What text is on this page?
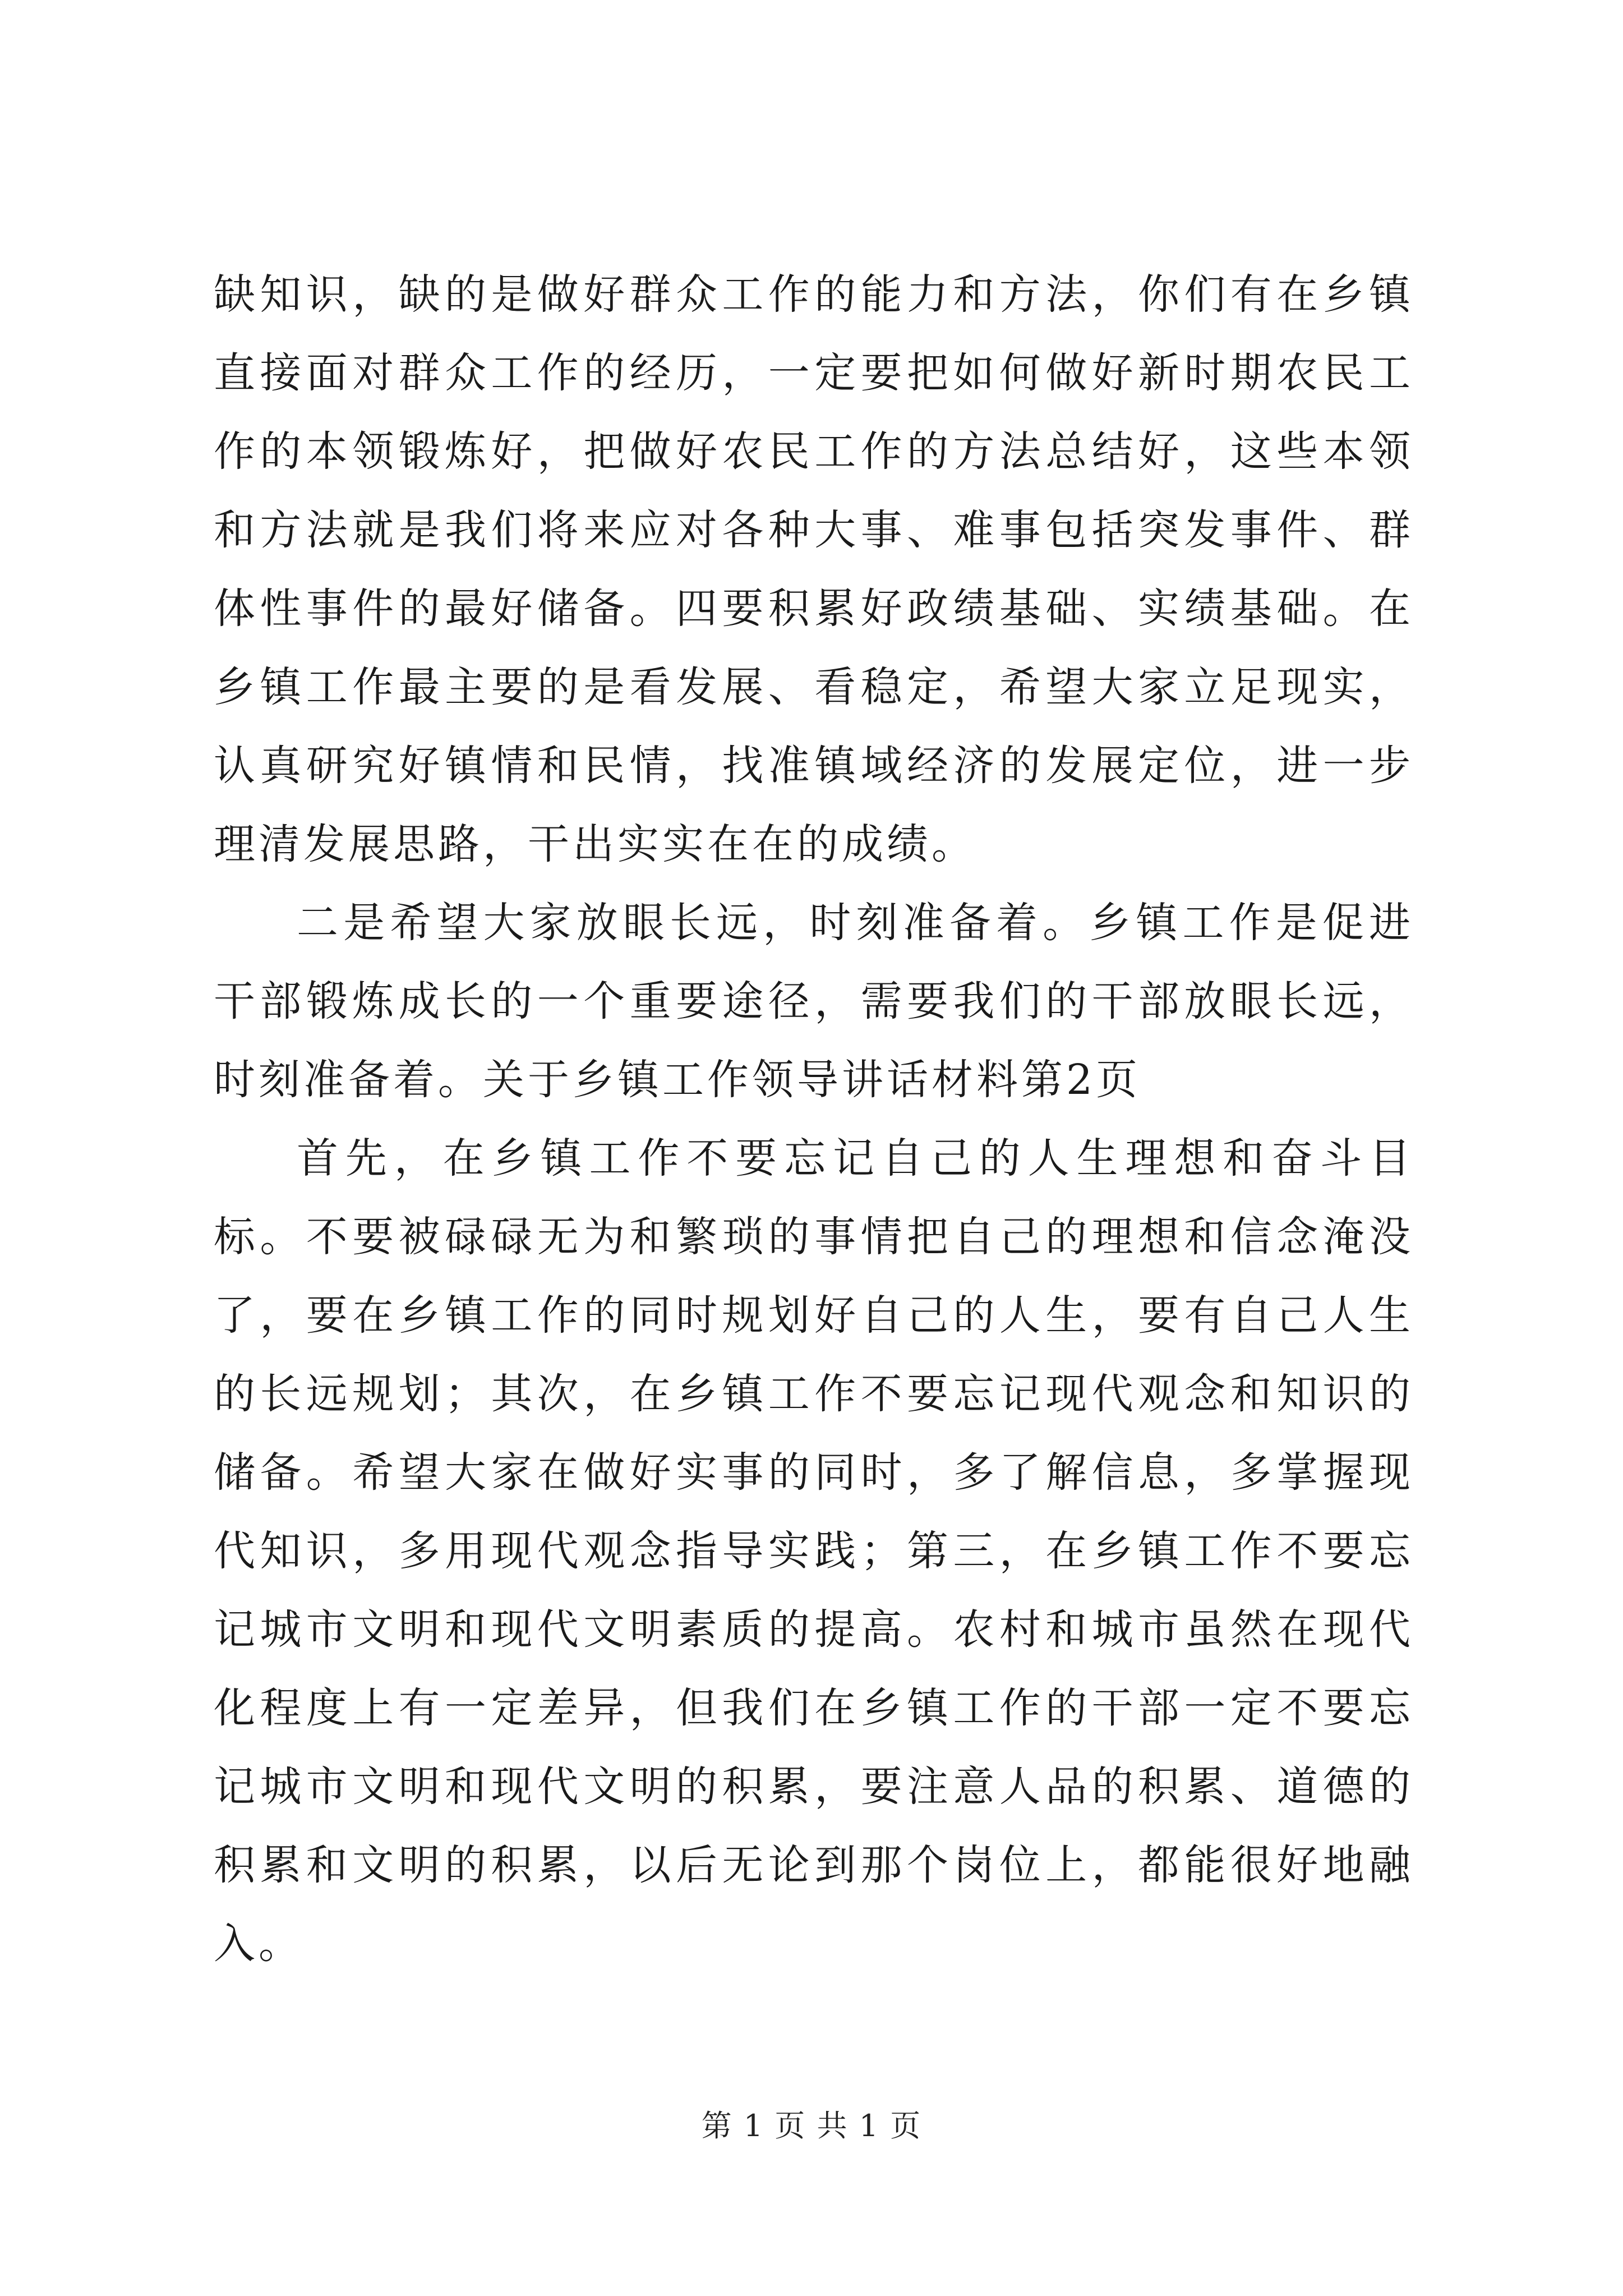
缺知识，缺的是做好群众工作的能力和方法，你们有在乡镇直接面对群众工作的经历，一定要把如何做好新时期农民工作的本领锻炼好，把做好农民工作的方法总结好，这些本领和方法就是我们将来应对各种大事、难事包括突发事件、群体性事件的最好储备。四要积累好政绩基础、实绩基础。在乡镇工作最主要的是看发展、看稳定，希望大家立足现实，认真研究好镇情和民情，找准镇域经济的发展定位，进一步理清发展思路，干出实实在在的成绩。

二是希望大家放眼长远，时刻准备着。乡镇工作是促进干部锻炼成长的一个重要途径，需要我们的干部放眼长远，时刻准备着。关于乡镇工作领导讲话材料第2页

首先，在乡镇工作不要忘记自己的人生理想和奋斗目标。不要被碌碌无为和繁琐的事情把自己的理想和信念淹没了，要在乡镇工作的同时规划好自己的人生，要有自己人生的长远规划；其次，在乡镇工作不要忘记现代观念和知识的储备。希望大家在做好实事的同时，多了解信息，多掌握现代知识，多用现代观念指导实践；第三，在乡镇工作不要忘记城市文明和现代文明素质的提高。农村和城市虽然在现代化程度上有一定差异，但我们在乡镇工作的干部一定不要忘记城市文明和现代文明的积累，要注意人品的积累、道德的积累和文明的积累，以后无论到那个岗位上，都能很好地融入。

第 1 页 共 1 页
